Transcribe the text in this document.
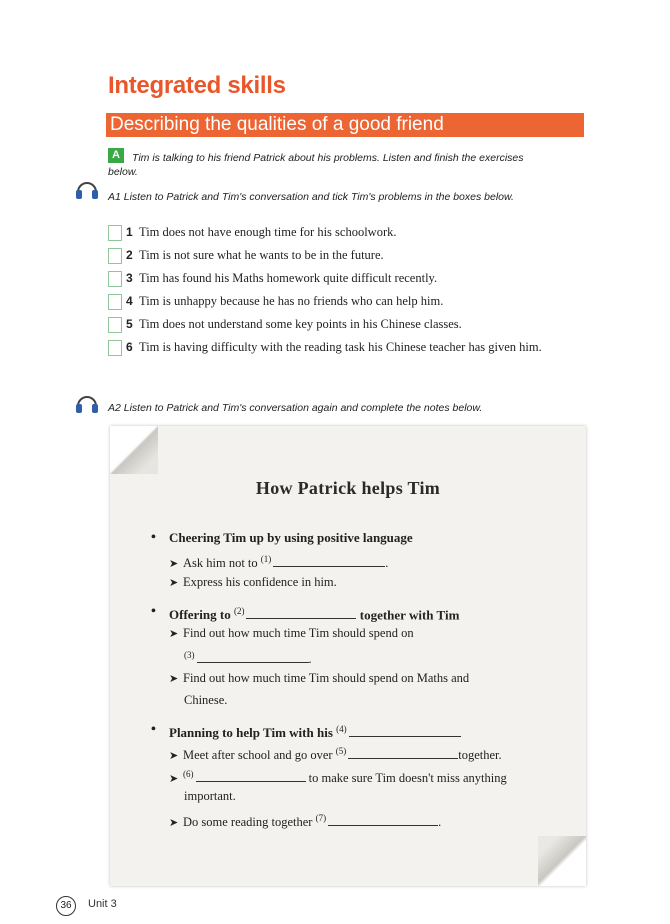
Integrated skills
Describing the qualities of a good friend
A	Tim is talking to his friend Patrick about his problems. Listen and finish the exercises
below.
A1 Listen to Patrick and Tim's conversation and tick Tim's problems in the boxes below.
1 Tim does not have enough time for his schoolwork.
2 Tim is not sure what he wants to be in the future.
3 Tim has found his Maths homework quite difficult recently.
4 Tim is unhappy because he has no friends who can help him.
5 Tim does not understand some key points in his Chinese classes.
6 Tim is having difficulty with the reading task his Chinese teacher has given him.
A2 Listen to Patrick and Tim's conversation again and complete the notes below.
How Patrick helps Tim
• Cheering Tim up by using positive language
➤ Ask him not to $^{(1)}$	.
➤ Express his confidence in him.
• Offering to $^{(2)}$	together with Tim
➤ Find out how much time Tim should spend on
$^{(3)}$	.
➤ Find out how much time Tim should spend on Maths and
Chinese.
• Planning to help Tim with his $^{(4)}$
➤ Meet after school and go over $^{(5)}$	together.
➤ $^{(6)}$	to make sure Tim doesn't miss anything
important.
➤ Do some reading together $^{(7)}$	.
36	Unit 3
